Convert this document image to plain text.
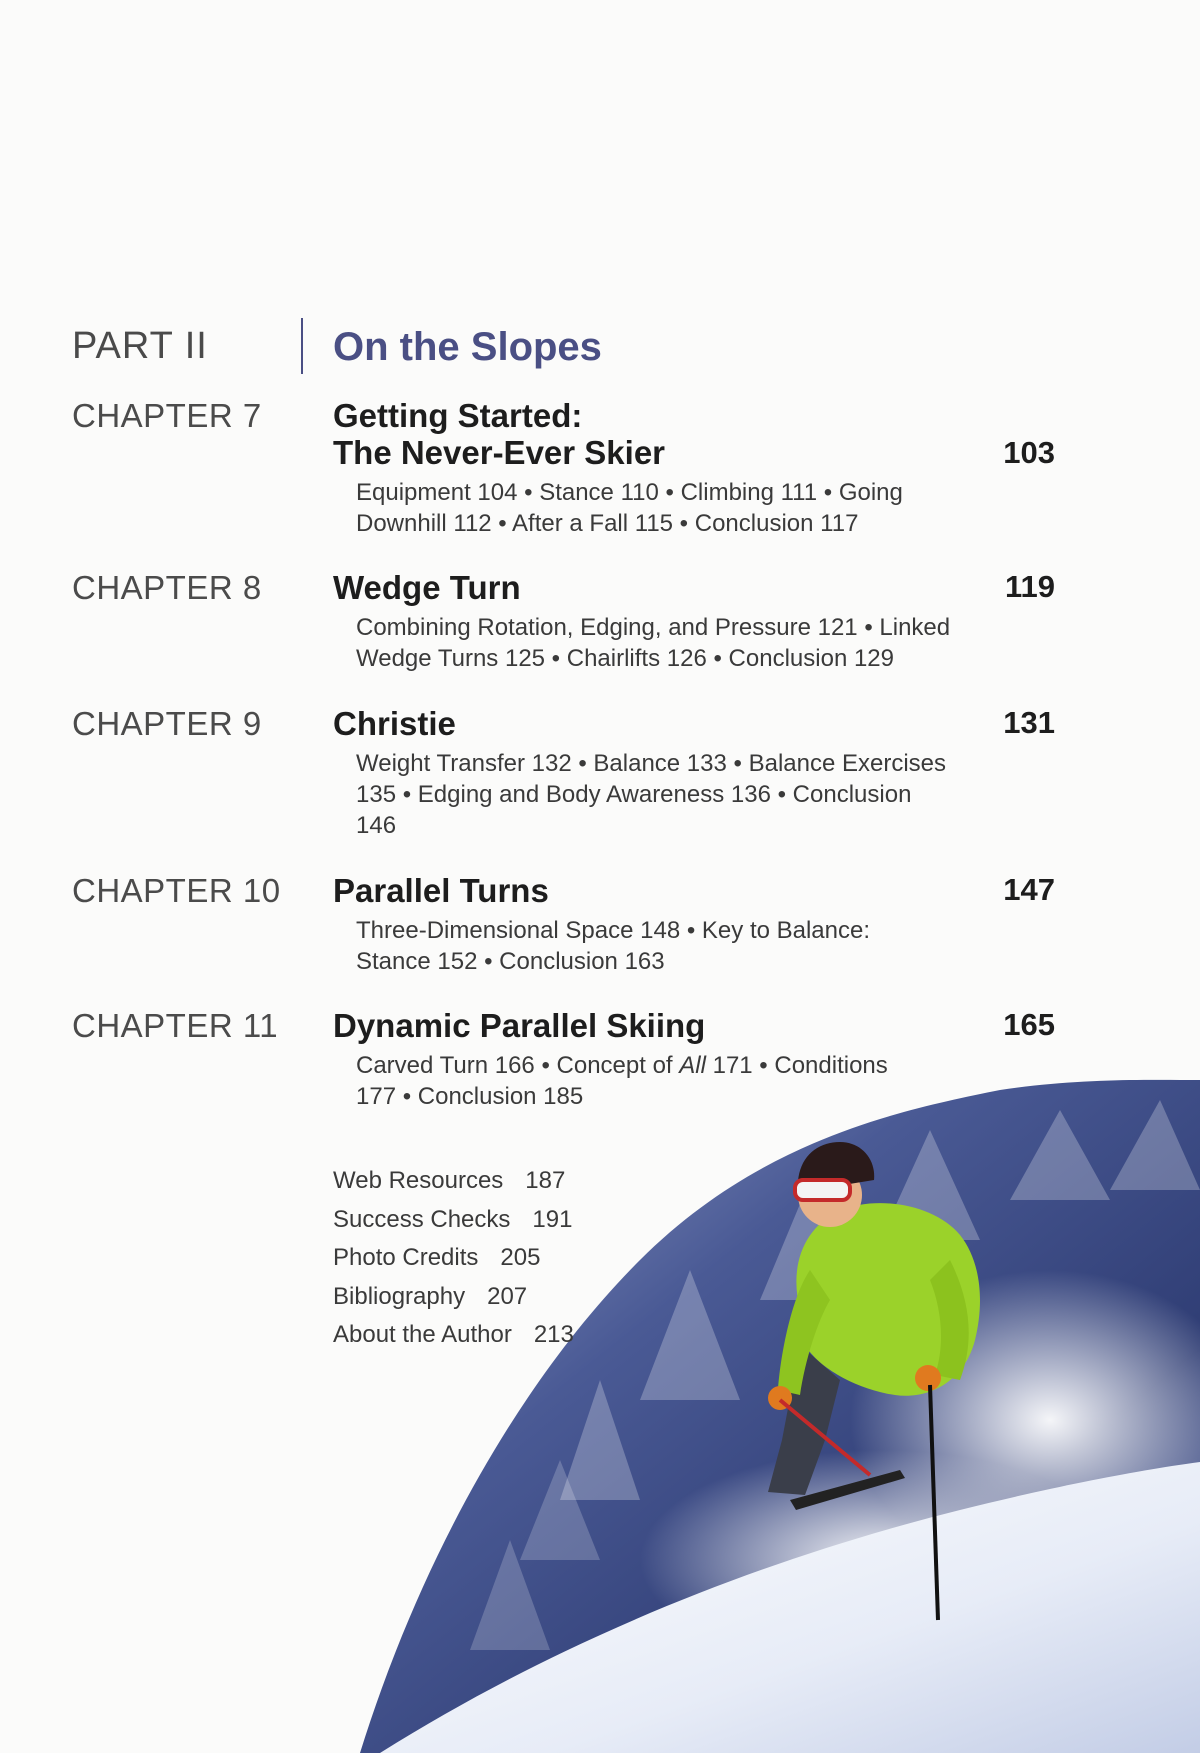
PART II	On the Slopes
CHAPTER 7 Getting Started:
The Never-Ever Skier	103
Equipment 104 • Stance 110 • Climbing 111 • Going
Downhill 112 • After a Fall 115 • Conclusion 117
CHAPTER 8 Wedge Turn	119
Combining Rotation, Edging, and Pressure 121 • Linked
Wedge Turns 125 • Chairlifts 126 • Conclusion 129
CHAPTER 9 Christie	131
Weight Transfer 132 • Balance 133 • Balance Exercises
135 • Edging and Body Awareness 136 • Conclusion
146
CHAPTER 10 Parallel Turns	147
Three-Dimensional Space 148 • Key to Balance:
Stance 152 • Conclusion 163
CHAPTER 11 Dynamic Parallel Skiing	165
Carved Turn 166 • Concept of All 171 • Conditions
177 • Conclusion 185
Web Resources 187
Success Checks 191
Photo Credits 205
Bibliography 207
About the Author 213
